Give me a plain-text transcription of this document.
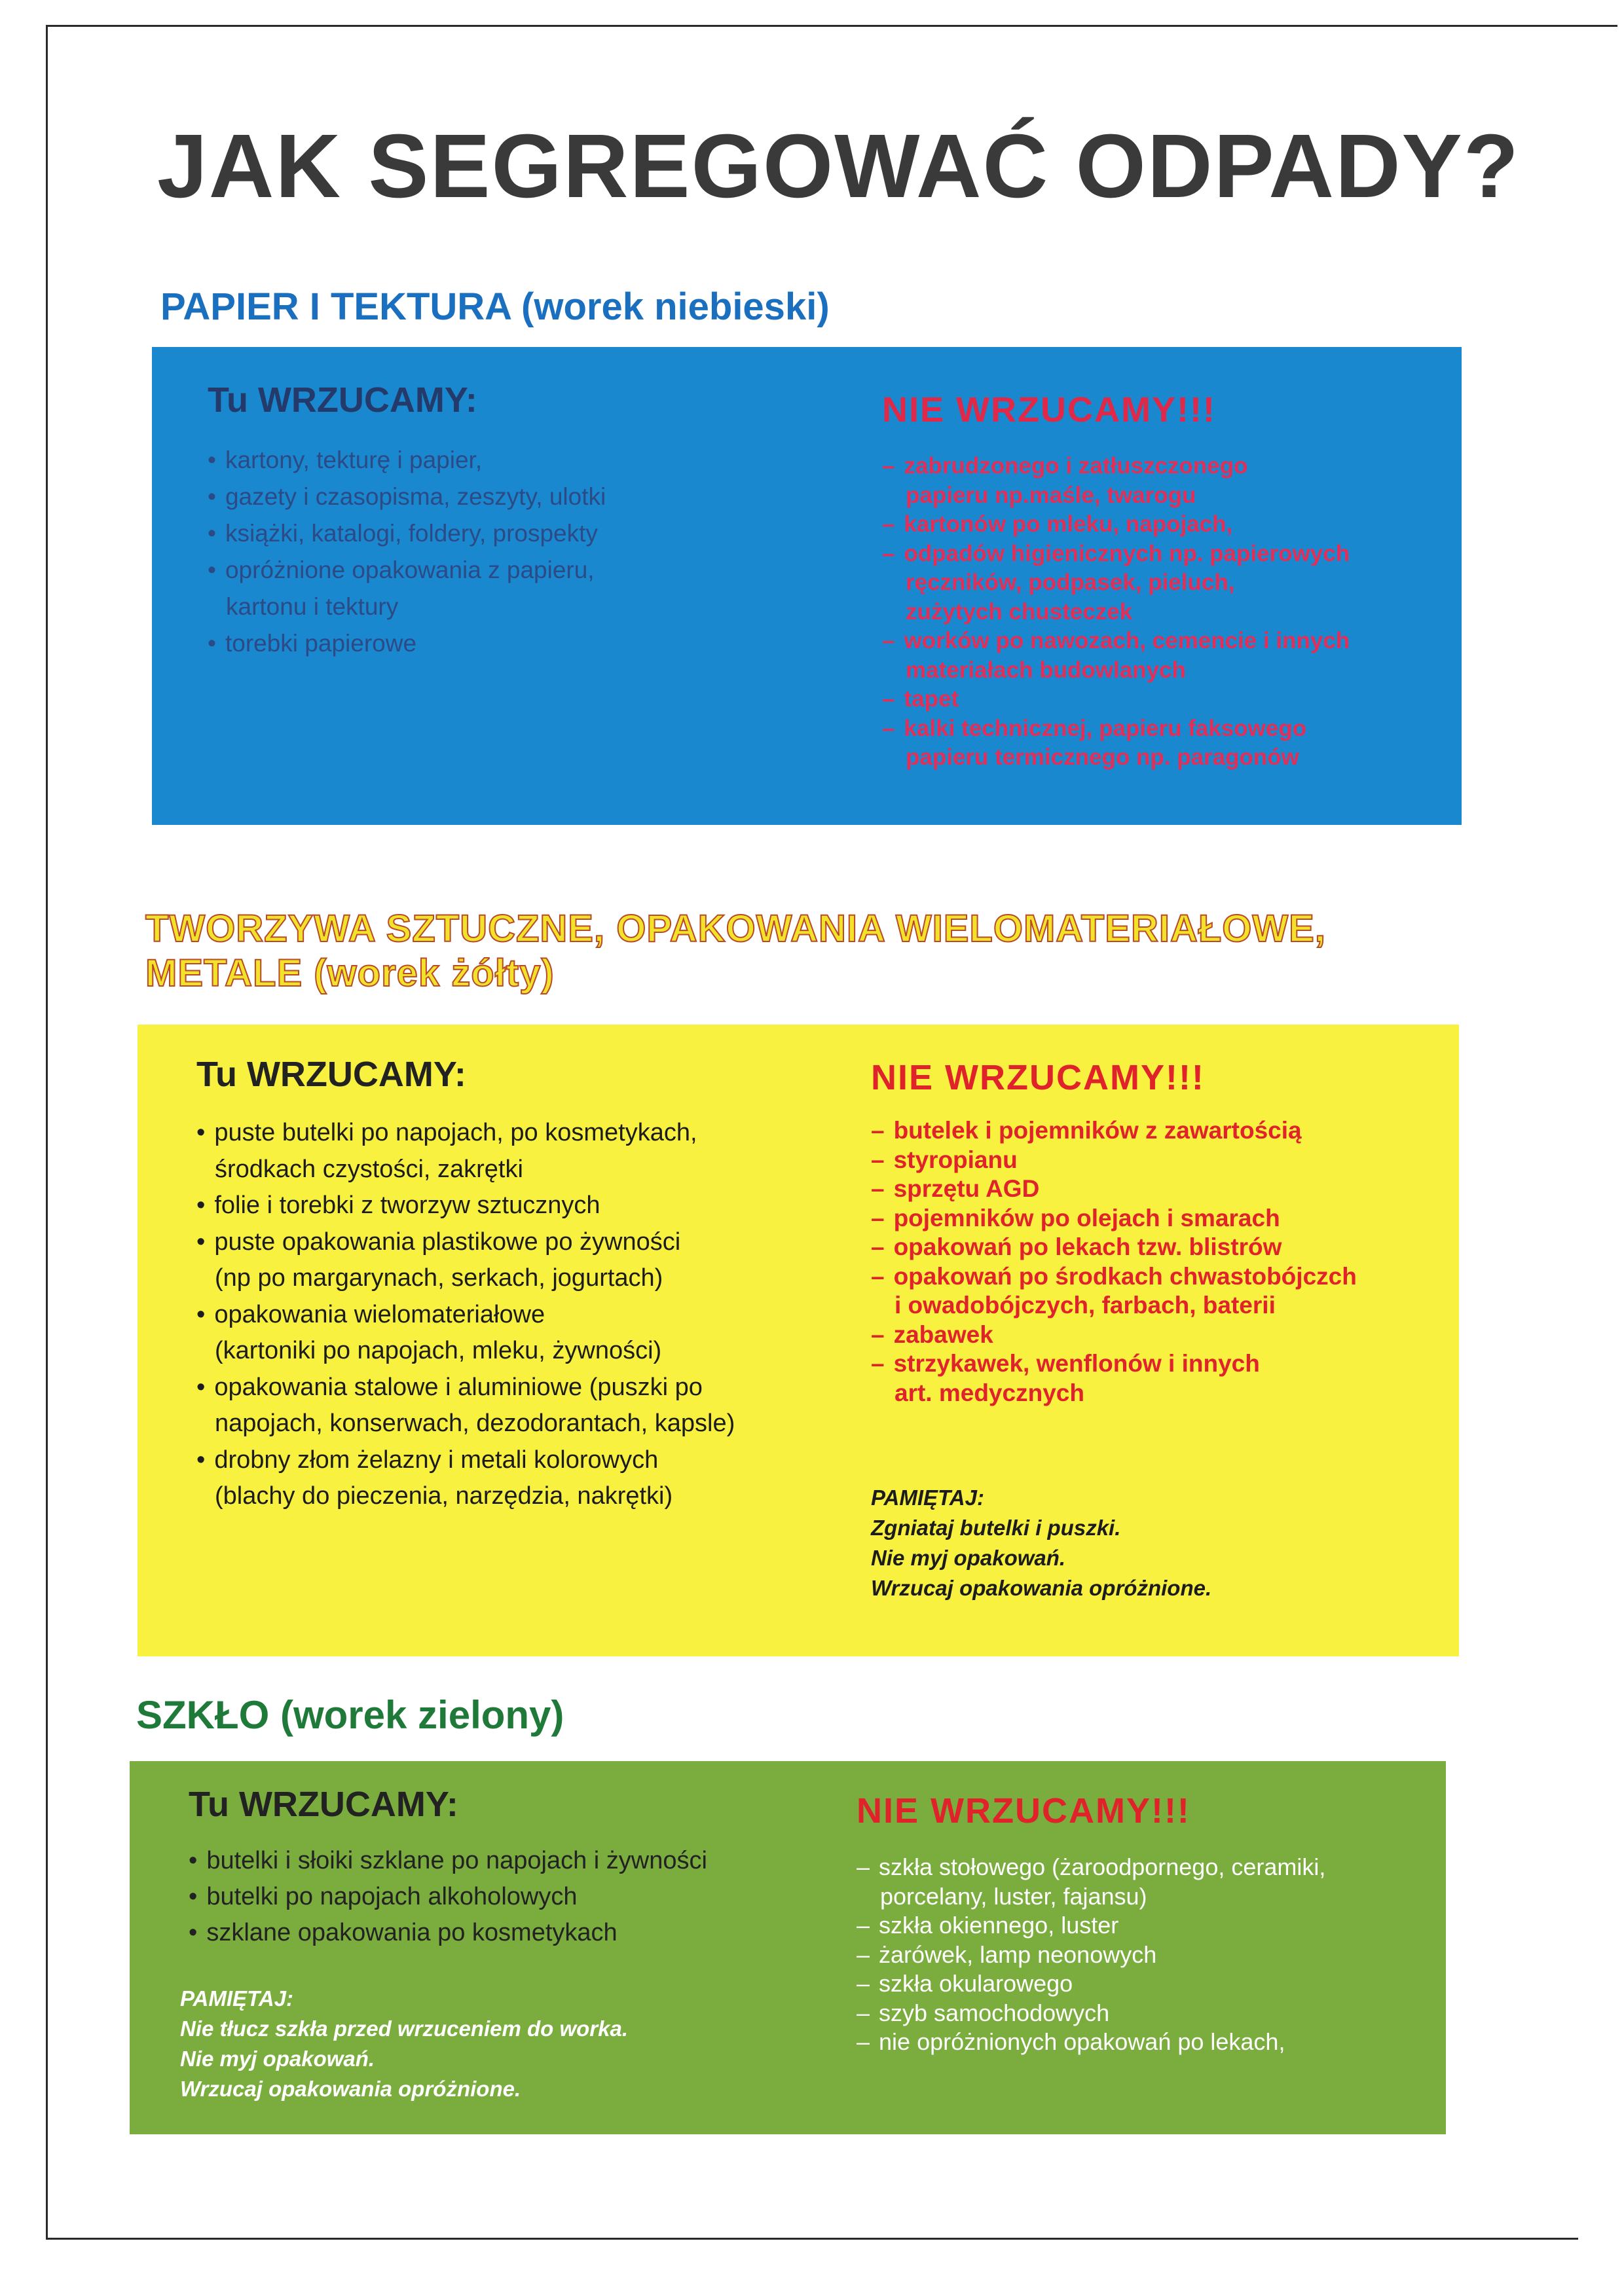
JAK SEGREGOWAĆ ODPADY?
PAPIER I TEKTURA (worek niebieski)
Tu WRZUCAMY:
• kartony, tekturę i papier,
• gazety i czasopisma, zeszyty, ulotki
• książki, katalogi, foldery, prospekty
• opróżnione opakowania z papieru,
kartonu i tektury
• torebki papierowe
NIE WRZUCAMY!!!
– zabrudzonego i zatłuszczonego
papieru np.maśle, twarogu
– kartonów po mleku, napojach,
– odpadów higienicznych np. papierowych
ręczników, podpasek, pieluch,
zużytych chusteczek
– worków po nawozach, cemencie i innych
materiałach budowlanych
– tapet
– kalki technicznej, papieru faksowego
papieru termicznego np. paragonów
TWORZYWA SZTUCZNE, OPAKOWANIA WIELOMATERIAŁOWE,
METALE (worek żółty)
Tu WRZUCAMY:
• puste butelki po napojach, po kosmetykach,
środkach czystości, zakrętki
• folie i torebki z tworzyw sztucznych
• puste opakowania plastikowe po żywności
(np po margarynach, serkach, jogurtach)
• opakowania wielomateriałowe
(kartoniki po napojach, mleku, żywności)
• opakowania stalowe i aluminiowe (puszki po
napojach, konserwach, dezodorantach, kapsle)
• drobny złom żelazny i metali kolorowych
(blachy do pieczenia, narzędzia, nakrętki)
NIE WRZUCAMY!!!
– butelek i pojemników z zawartością
– styropianu
– sprzętu AGD
– pojemników po olejach i smarach
– opakowań po lekach tzw. blistrów
– opakowań po środkach chwastobójczch
i owadobójczych, farbach, baterii
– zabawek
– strzykawek, wenflonów i innych
art. medycznych
PAMIĘTAJ:
Zgniataj butelki i puszki.
Nie myj opakowań.
Wrzucaj opakowania opróżnione.
SZKŁO (worek zielony)
Tu WRZUCAMY:
• butelki i słoiki szklane po napojach i żywności
• butelki po napojach alkoholowych
• szklane opakowania po kosmetykach
PAMIĘTAJ:
Nie tłucz szkła przed wrzuceniem do worka.
Nie myj opakowań.
Wrzucaj opakowania opróżnione.
NIE WRZUCAMY!!!
– szkła stołowego (żaroodpornego, ceramiki,
porcelany, luster, fajansu)
– szkła okiennego, luster
– żarówek, lamp neonowych
– szkła okularowego
– szyb samochodowych
– nie opróżnionych opakowań po lekach,
